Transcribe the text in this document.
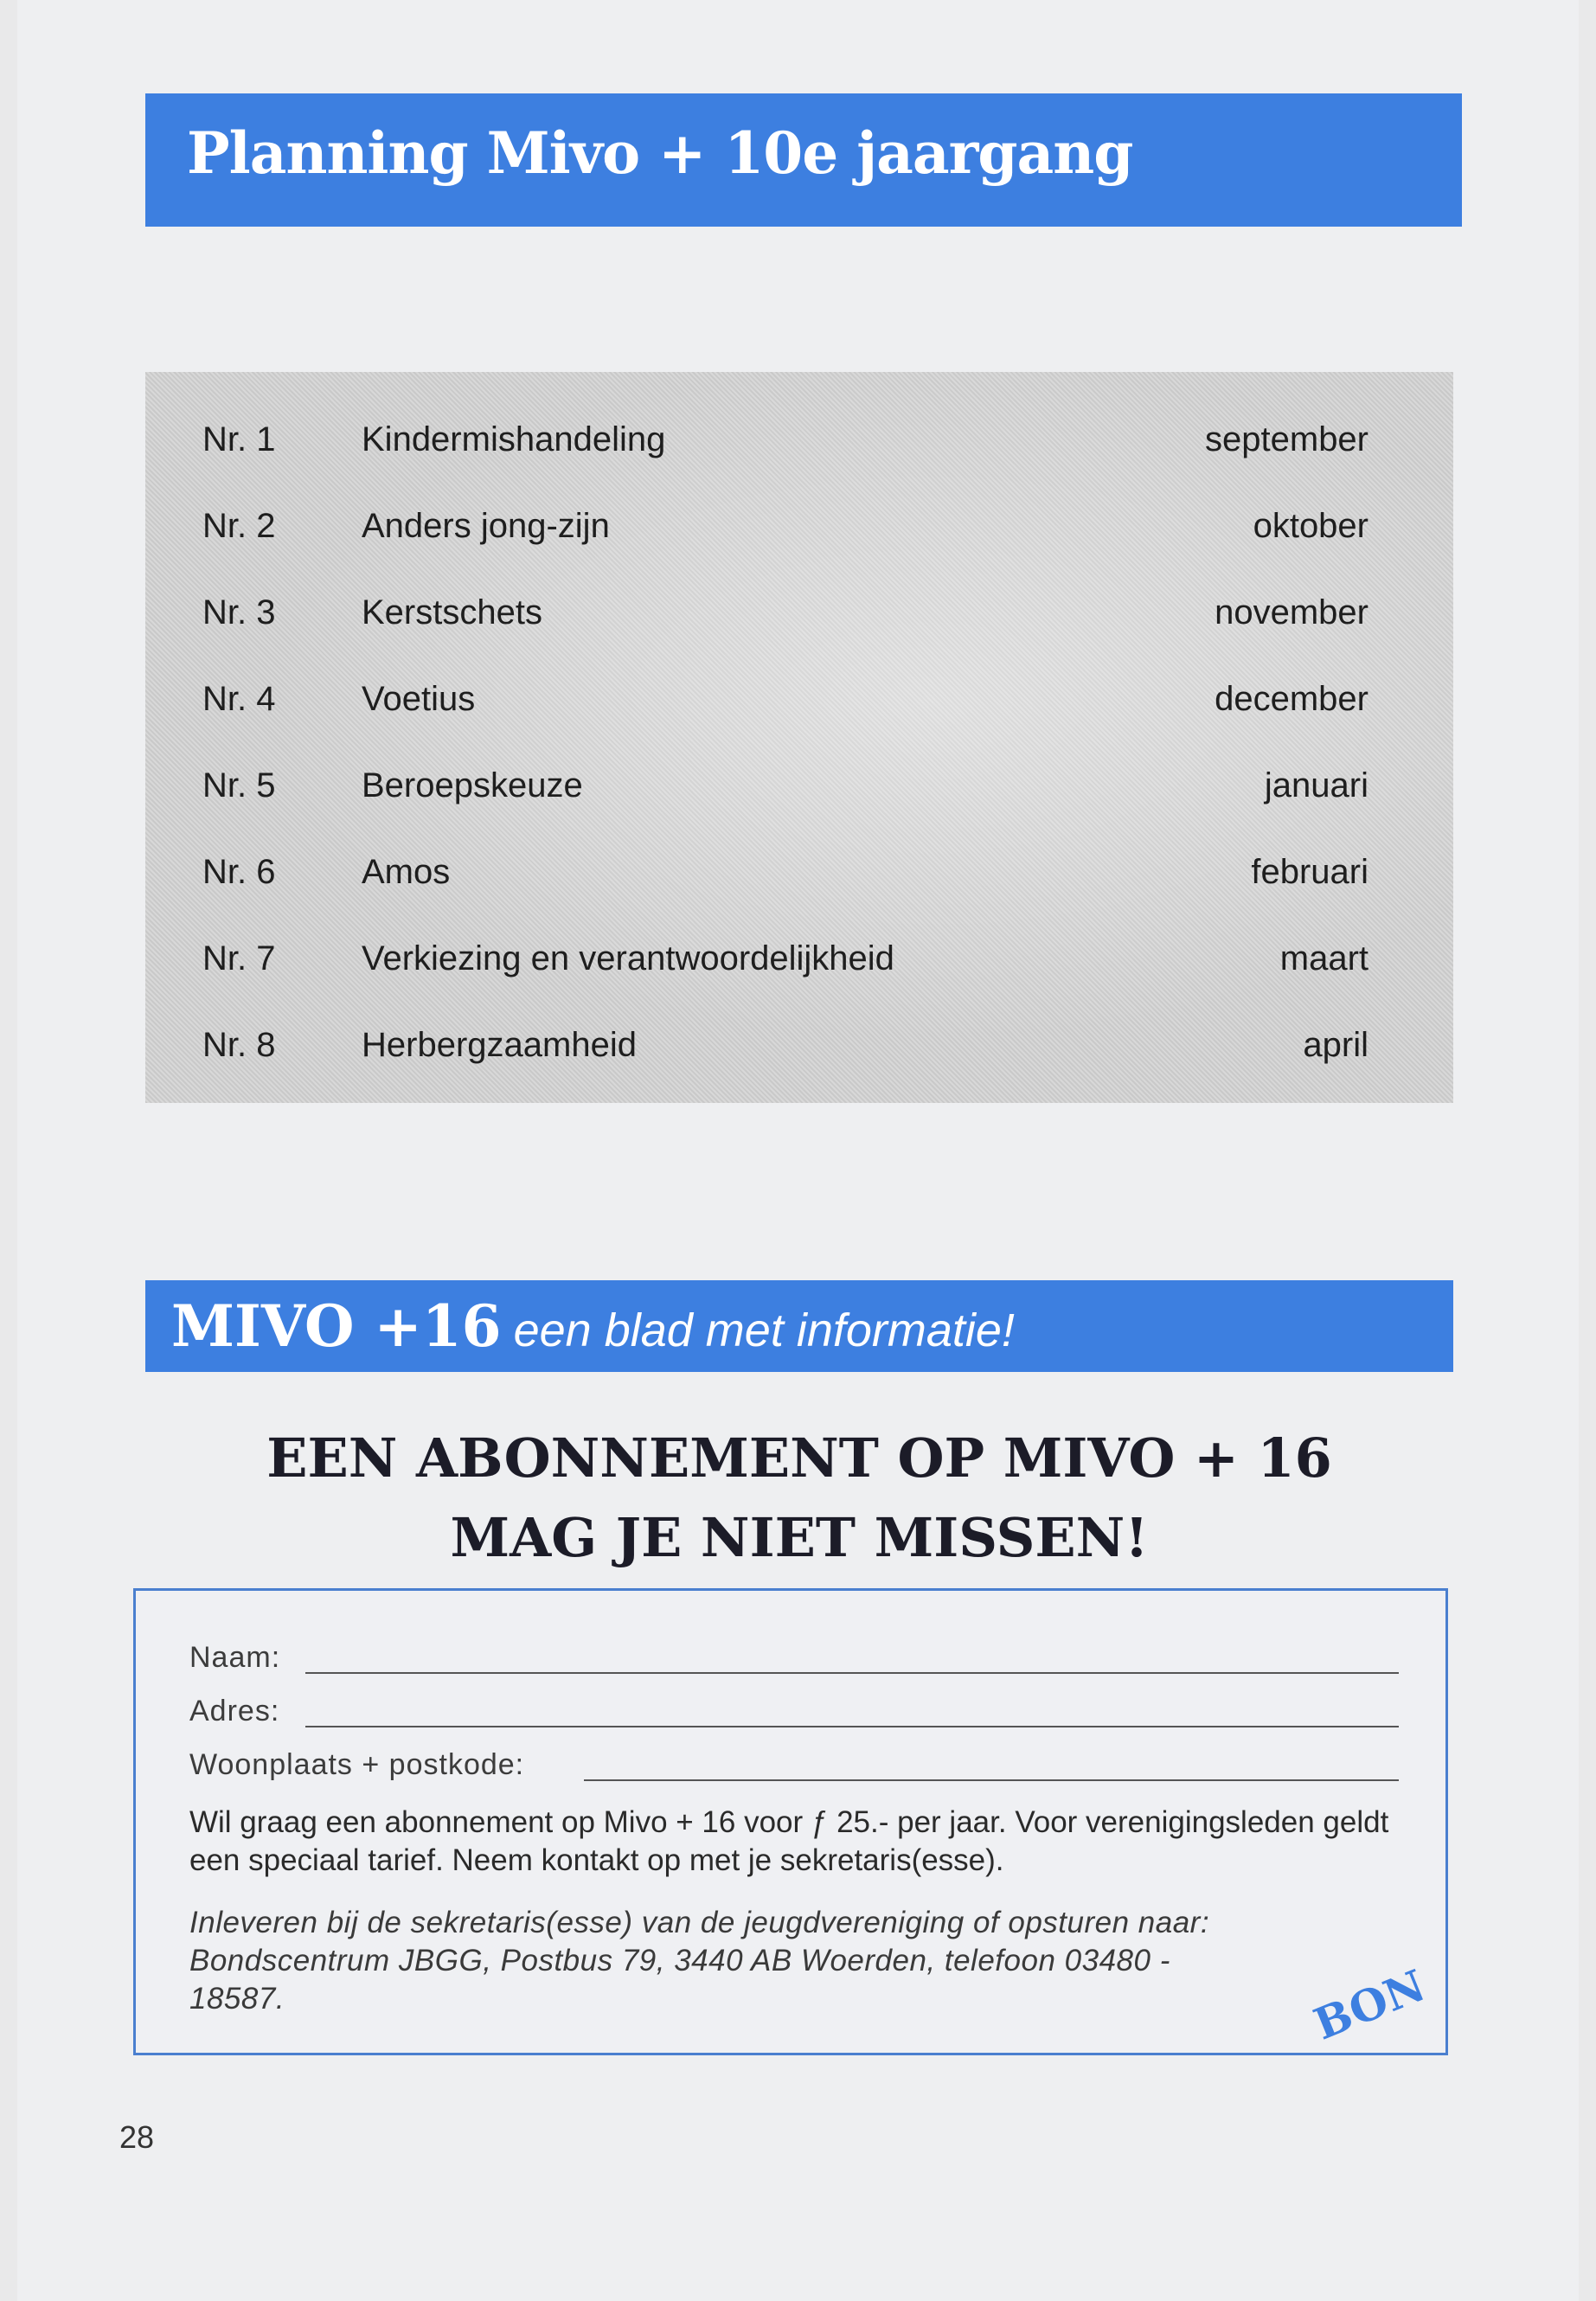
Planning Mivo + 10e jaargang
Nr. 1 Kindermishandeling	september
Nr. 2 Anders jong-zijn	oktober
Nr. 3 Kerstschets	november
Nr. 4 Voetius	december
Nr. 5 Beroepskeuze	januari
Nr. 6 Amos	februari
Nr. 7 Verkiezing en verantwoordelijkheid	maart
Nr. 8 Herbergzaamheid	april
MIVO +16 een blad met informatie!
EEN ABONNEMENT OP MIVO + 16
MAG JE NIET MISSEN!
Naam:
Adres:
Woonplaats + postkode:
Wil graag een abonnement op Mivo + 16 voor ƒ 25.- per jaar. Voor verenigingsleden geldt een speciaal tarief. Neem kontakt op met je sekretaris(esse).
Inleveren bij de sekretaris(esse) van de jeugdvereniging of opsturen naar: Bondscentrum JBGG, Postbus 79, 3440 AB Woerden, telefoon 03480 - 18587.	BON
28
